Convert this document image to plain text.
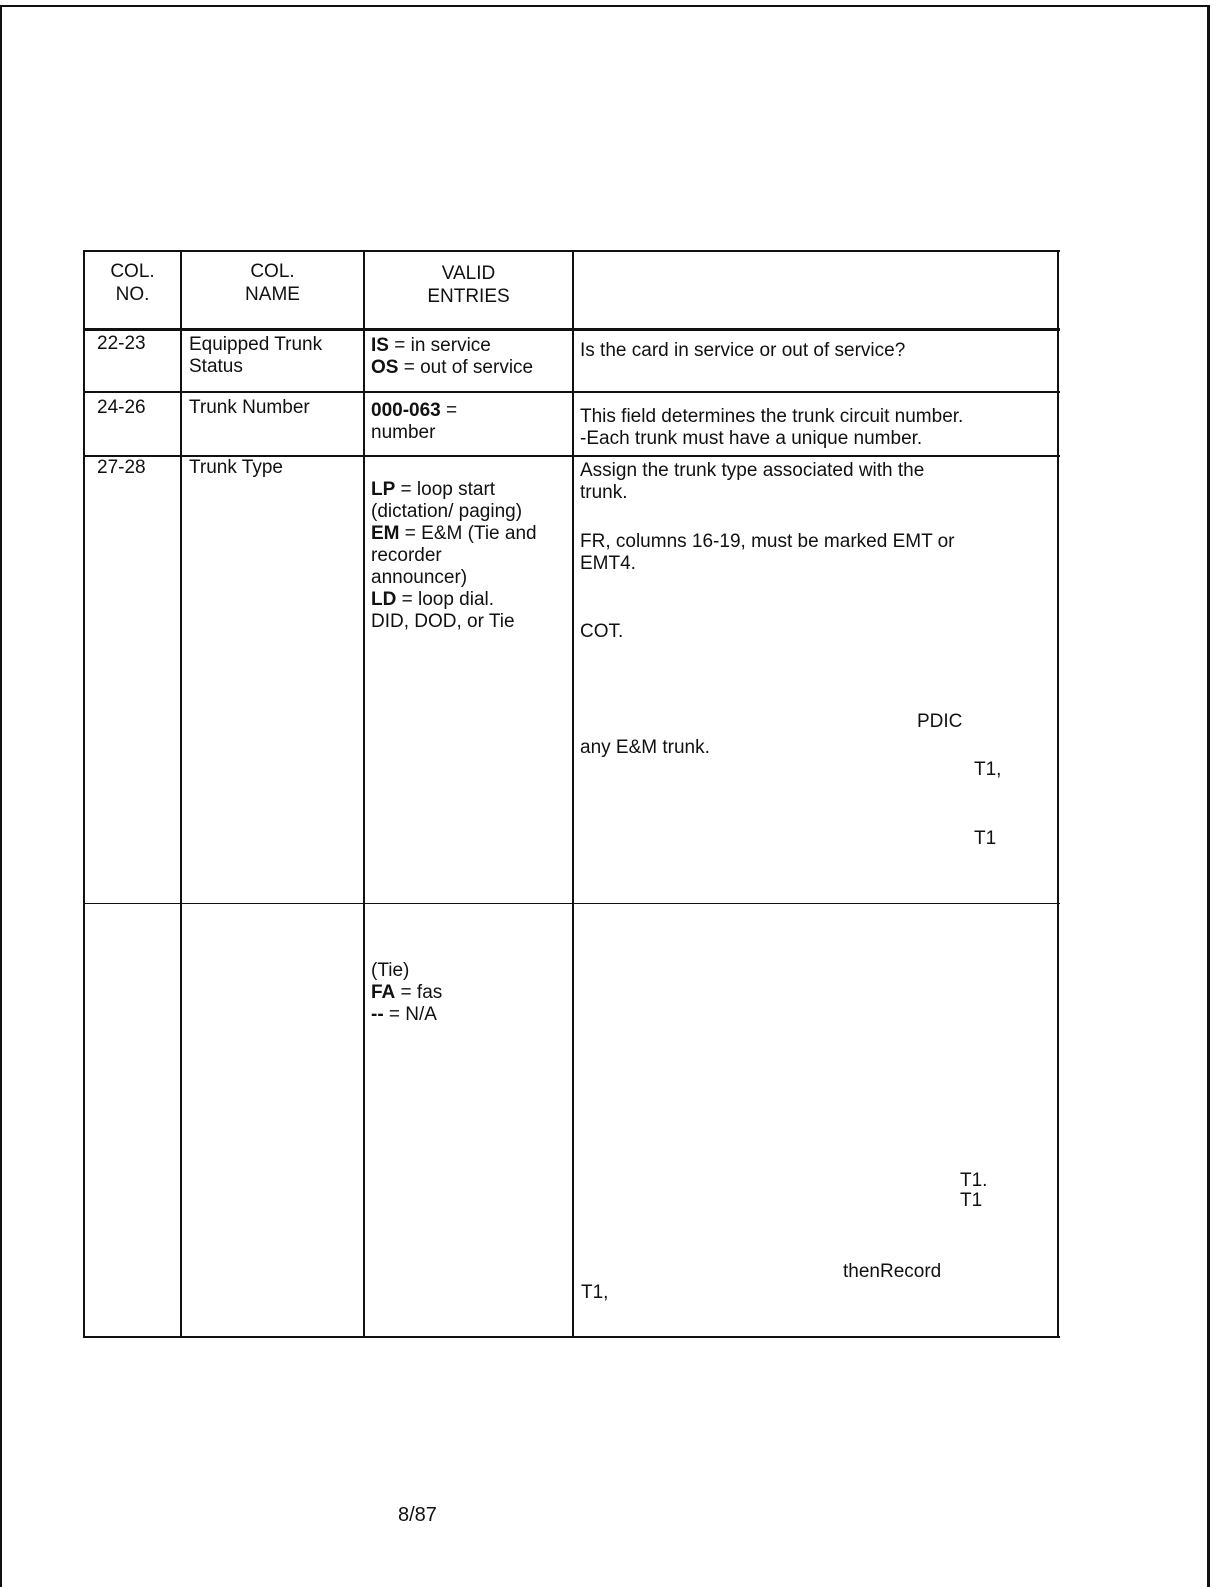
COL.
NO.
COL.
NAME
VALID
ENTRIES
22-23 Equipped Trunk
Status
IS = in service
OS = out of service
Is the card in service or out of service?
24-26 Trunk Number	000-063 =
number
This field determines the trunk circuit number.
-Each trunk must have a unique number.
27-28 Trunk Type
LP = loop start
(dictation/ paging)
EM = E&M (Tie and
recorder
announcer)
LD = loop dial.
DID, DOD, or Tie
Assign the trunk type associated with the
trunk.
FR, columns 16-19, must be marked EMT or
EMT4.
COT.
PDIC
any E&M trunk.
T1,
T1
(Tie)
FA = fas
-- = N/A
T1.
T1
thenRecord
T1,
8/87
